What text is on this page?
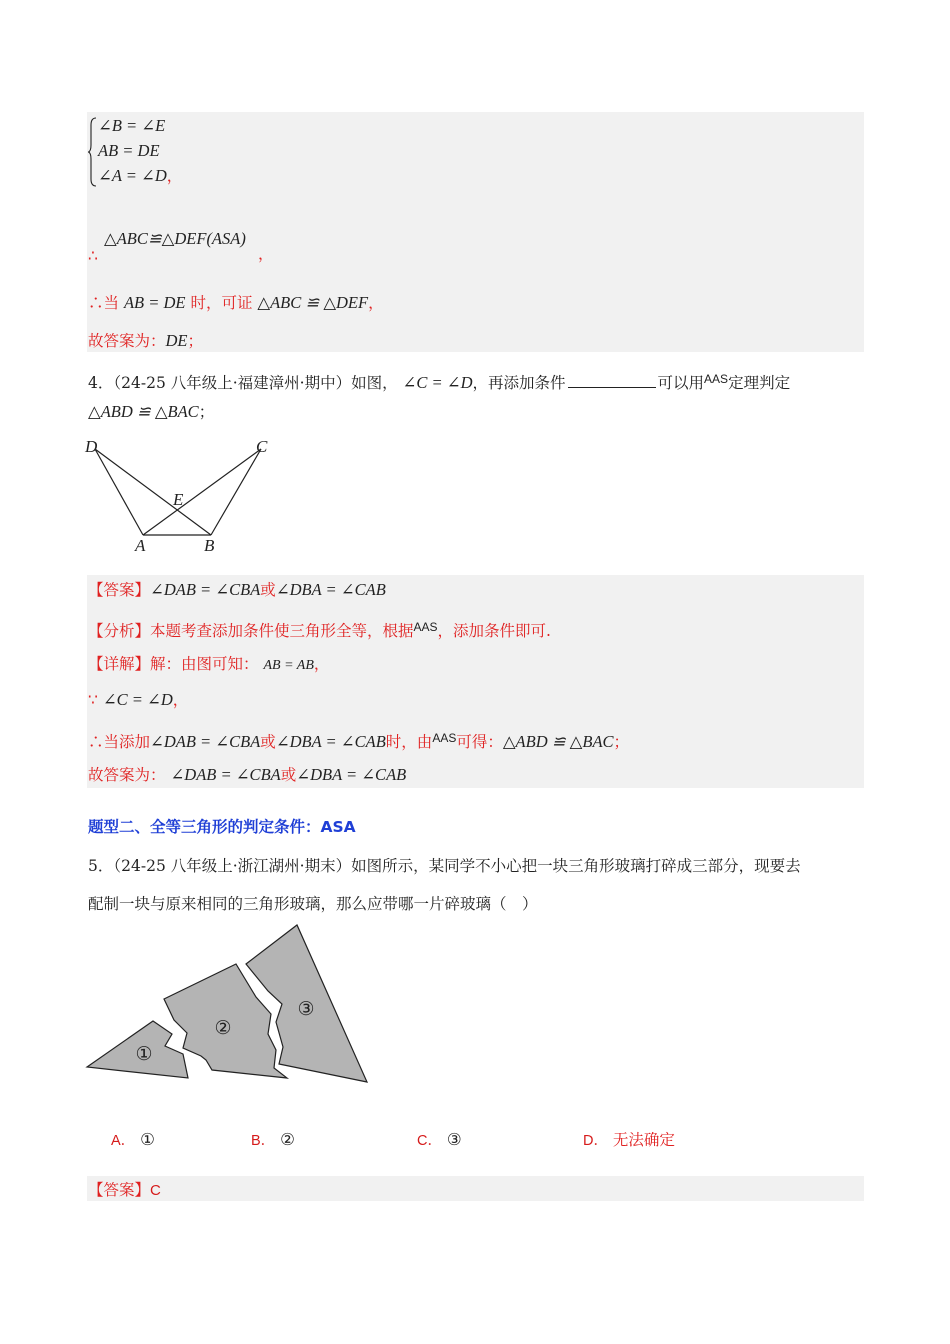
∠B = ∠E
AB = DE
∠A = ∠D，
∴
△ABC≌△DEF(ASA)
，
∴当 AB = DE 时，可证 △ABC ≌ △DEF，
故答案为：DE；
4．（24-25 八年级上·福建漳州·期中）如图， ∠C = ∠D，再添加条件	可以用$^{AAS}$定理判定
△ABD ≌ △BAC；
D	C
E
A	B
【答案】∠DAB = ∠CBA或∠DBA = ∠CAB
【分析】本题考查添加条件使三角形全等，根据$^{AAS}$，添加条件即可.
【详解】解：由图可知： AB = AB，
∵ ∠C = ∠D，
∴当添加∠DAB = ∠CBA或∠DBA = ∠CAB时，由$^{AAS}$可得：△ABD ≌ △BAC；
故答案为： ∠DAB = ∠CBA或∠DBA = ∠CAB
题型二、全等三角形的判定条件：ASA
5．（24-25 八年级上·浙江湖州·期末）如图所示，某同学不小心把一块三角形玻璃打碎成三部分，现要去
配制一块与原来相同的三角形玻璃，那么应带哪一片碎玻璃（　）
①
②
③
A． ①	B． ②	C． ③	D． 无法确定
【答案】C
